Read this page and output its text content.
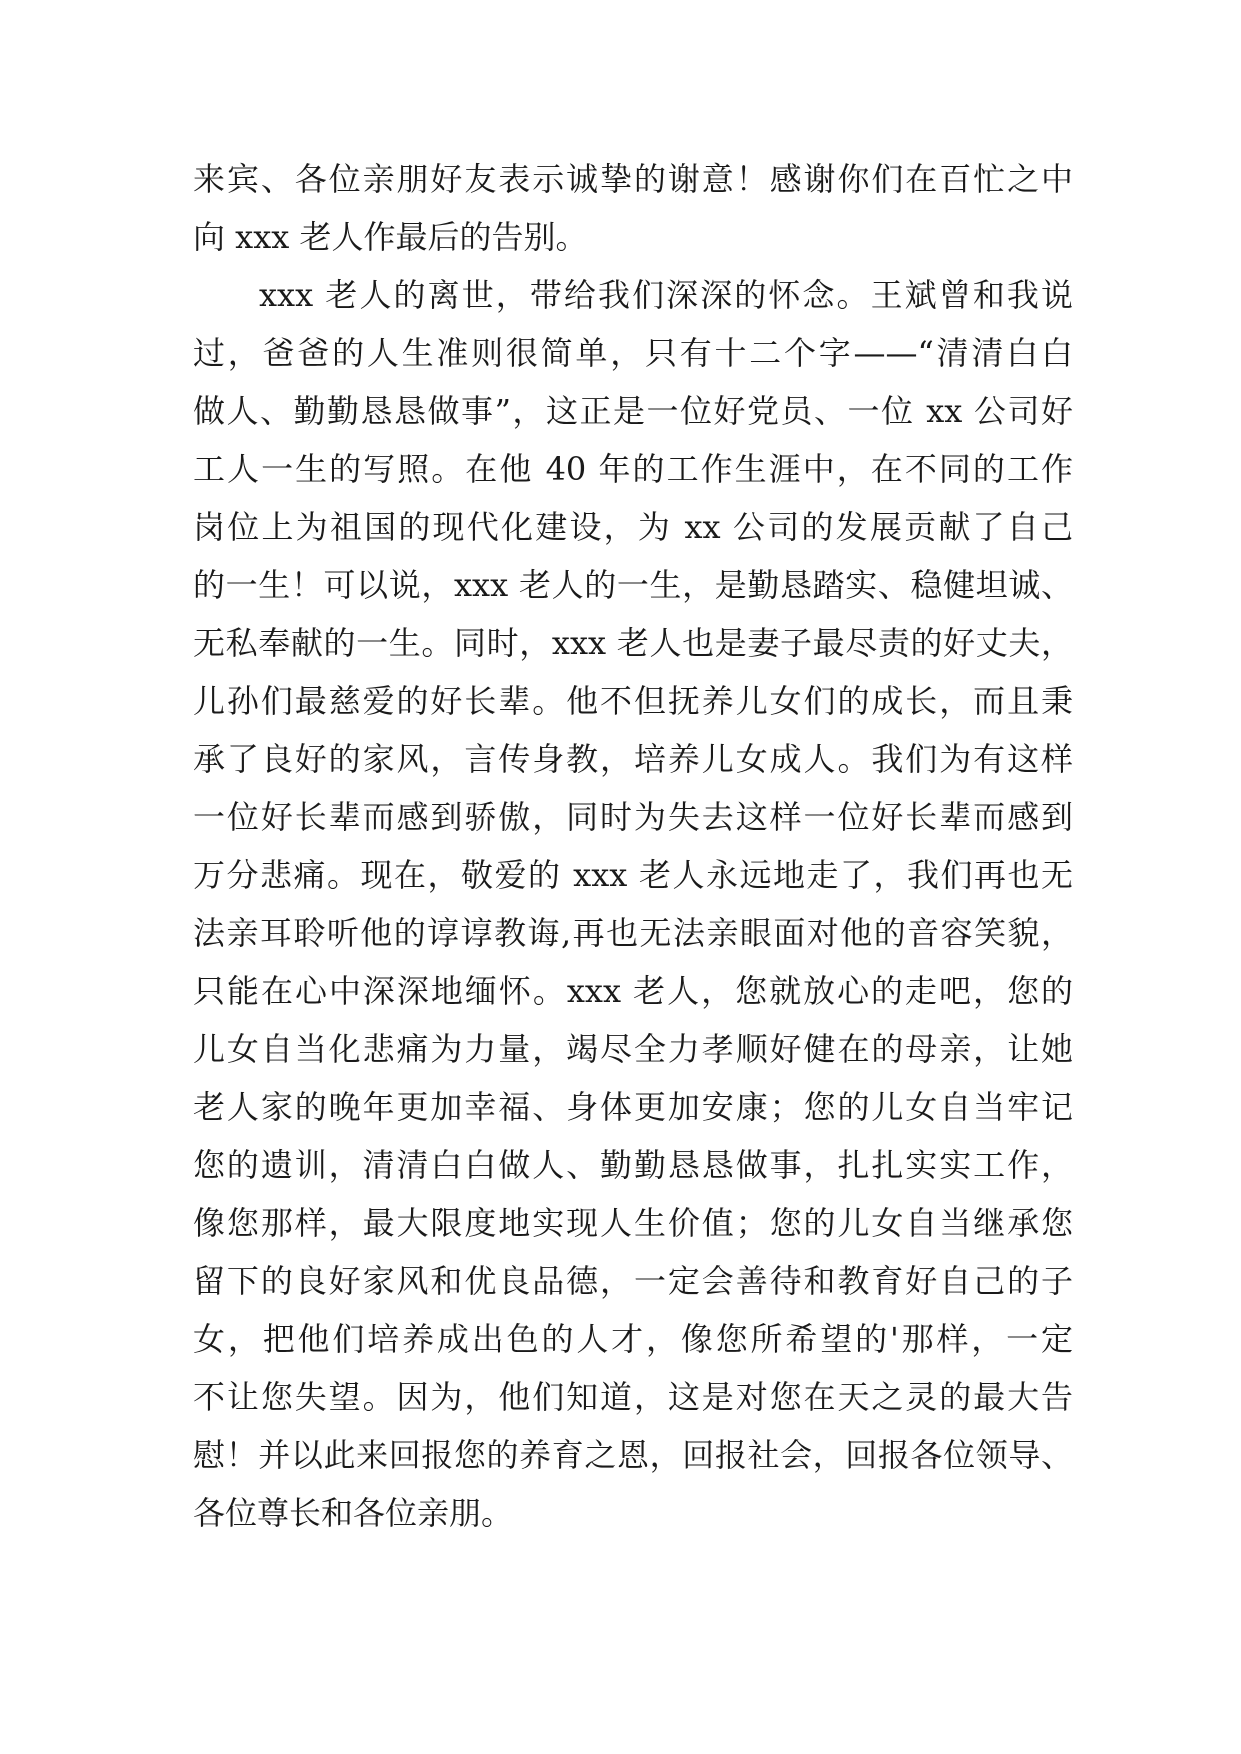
来宾、各位亲朋好友表示诚挚的谢意！感谢你们在百忙之中
向 xxx 老人作最后的告别。
xxx 老人的离世，带给我们深深的怀念。王斌曾和我说
过，爸爸的人生准则很简单，只有十二个字——“清清白白
做人、勤勤恳恳做事”，这正是一位好党员、一位 xx 公司好
工人一生的写照。在他 40 年的工作生涯中，在不同的工作
岗位上为祖国的现代化建设，为 xx 公司的发展贡献了自己
的一生！可以说，xxx 老人的一生，是勤恳踏实、稳健坦诚、
无私奉献的一生。同时，xxx 老人也是妻子最尽责的好丈夫，
儿孙们最慈爱的好长辈。他不但抚养儿女们的成长，而且秉
承了良好的家风，言传身教，培养儿女成人。我们为有这样
一位好长辈而感到骄傲，同时为失去这样一位好长辈而感到
万分悲痛。现在，敬爱的 xxx 老人永远地走了，我们再也无
法亲耳聆听他的谆谆教诲,再也无法亲眼面对他的音容笑貌，
只能在心中深深地缅怀。xxx 老人，您就放心的走吧，您的
儿女自当化悲痛为力量，竭尽全力孝顺好健在的母亲，让她
老人家的晚年更加幸福、身体更加安康；您的儿女自当牢记
您的遗训，清清白白做人、勤勤恳恳做事，扎扎实实工作，
像您那样，最大限度地实现人生价值；您的儿女自当继承您
留下的良好家风和优良品德，一定会善待和教育好自己的子
女，把他们培养成出色的人才，像您所希望的'那样，一定
不让您失望。因为，他们知道，这是对您在天之灵的最大告
慰！并以此来回报您的养育之恩，回报社会，回报各位领导、
各位尊长和各位亲朋。
